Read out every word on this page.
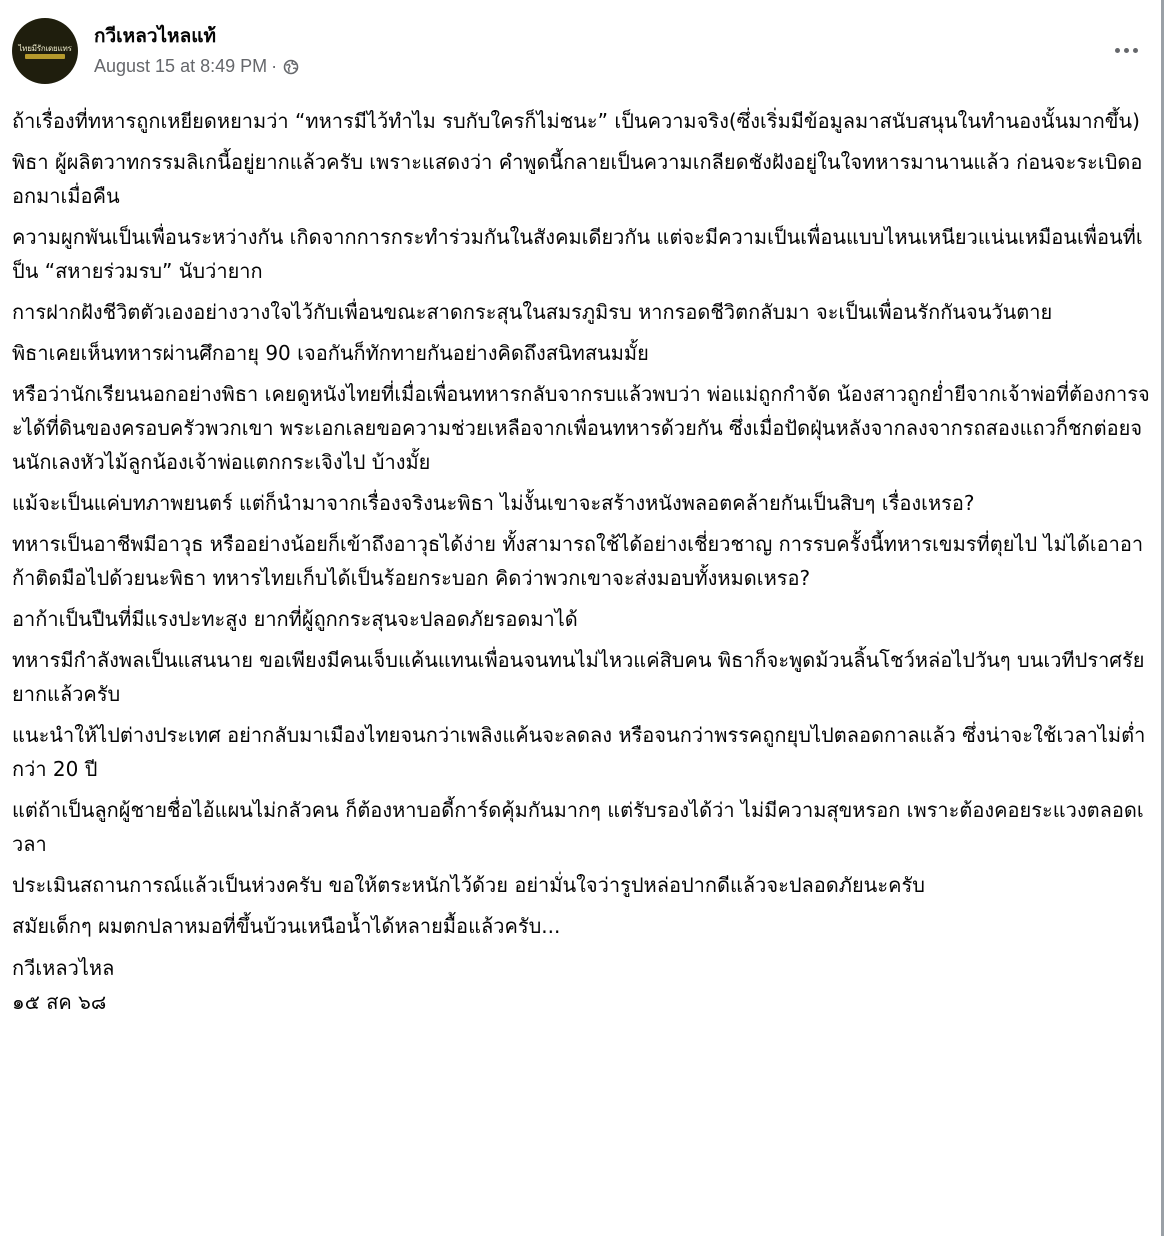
ไทยมีรักเดยแทร
กวีเหลวไหลแท้
August 15 at 8:49 PM ·

ถ้าเรื่องที่ทหารถูกเหยียดหยามว่า “ทหารมีไว้ทำไม รบกับใครก็ไม่ชนะ” เป็นความจริง(ซึ่งเริ่มมีข้อมูลมาสนับสนุนในทำนองนั้นมากขึ้น)

พิธา ผู้ผลิตวาทกรรมลิเกนี้อยู่ยากแล้วครับ เพราะแสดงว่า คำพูดนี้กลายเป็นความเกลียดชังฝังอยู่ในใจทหารมานานแล้ว ก่อนจะระเบิดออกมาเมื่อคืน

ความผูกพันเป็นเพื่อนระหว่างกัน เกิดจากการกระทำร่วมกันในสังคมเดียวกัน แต่จะมีความเป็นเพื่อนแบบไหนเหนียวแน่นเหมือนเพื่อนที่เป็น “สหายร่วมรบ” นับว่ายาก

การฝากฝังชีวิตตัวเองอย่างวางใจไว้กับเพื่อนขณะสาดกระสุนในสมรภูมิรบ หากรอดชีวิตกลับมา จะเป็นเพื่อนรักกันจนวันตาย

พิธาเคยเห็นทหารผ่านศึกอายุ 90 เจอกันก็ทักทายกันอย่างคิดถึงสนิทสนมมั้ย

หรือว่านักเรียนนอกอย่างพิธา เคยดูหนังไทยที่เมื่อเพื่อนทหารกลับจากรบแล้วพบว่า พ่อแม่ถูกกำจัด น้องสาวถูกย่ำยีจากเจ้าพ่อที่ต้องการจะได้ที่ดินของครอบครัวพวกเขา พระเอกเลยขอความช่วยเหลือจากเพื่อนทหารด้วยกัน ซึ่งเมื่อปัดฝุ่นหลังจากลงจากรถสองแถวก็ชกต่อยจนนักเลงหัวไม้ลูกน้องเจ้าพ่อแตกกระเจิงไป บ้างมั้ย

แม้จะเป็นแค่บทภาพยนตร์ แต่ก็นำมาจากเรื่องจริงนะพิธา ไม่งั้นเขาจะสร้างหนังพลอตคล้ายกันเป็นสิบๆ เรื่องเหรอ?

ทหารเป็นอาชีพมีอาวุธ หรืออย่างน้อยก็เข้าถึงอาวุธได้ง่าย ทั้งสามารถใช้ได้อย่างเชี่ยวชาญ การรบครั้งนี้ทหารเขมรที่ตุยไป ไม่ได้เอาอาก้าติดมือไปด้วยนะพิธา ทหารไทยเก็บได้เป็นร้อยกระบอก คิดว่าพวกเขาจะส่งมอบทั้งหมดเหรอ?

อาก้าเป็นปืนที่มีแรงปะทะสูง ยากที่ผู้ถูกกระสุนจะปลอดภัยรอดมาได้

ทหารมีกำลังพลเป็นแสนนาย ขอเพียงมีคนเจ็บแค้นแทนเพื่อนจนทนไม่ไหวแค่สิบคน พิธาก็จะพูดม้วนลิ้นโชว์หล่อไปวันๆ บนเวทีปราศรัยยากแล้วครับ

แนะนำให้ไปต่างประเทศ อย่ากลับมาเมืองไทยจนกว่าเพลิงแค้นจะลดลง หรือจนกว่าพรรคถูกยุบไปตลอดกาลแล้ว ซึ่งน่าจะใช้เวลาไม่ต่ำกว่า 20 ปี

แต่ถ้าเป็นลูกผู้ชายชื่อไอ้แผนไม่กลัวคน ก็ต้องหาบอดี้การ์ดคุ้มกันมากๆ แต่รับรองได้ว่า ไม่มีความสุขหรอก เพราะต้องคอยระแวงตลอดเวลา

ประเมินสถานการณ์แล้วเป็นห่วงครับ ขอให้ตระหนักไว้ด้วย อย่ามั่นใจว่ารูปหล่อปากดีแล้วจะปลอดภัยนะครับ

สมัยเด็กๆ ผมตกปลาหมอที่ขึ้นบ้วนเหนือน้ำได้หลายมื้อแล้วครับ...

กวีเหลวไหล
๑๕ สค ๖๘
